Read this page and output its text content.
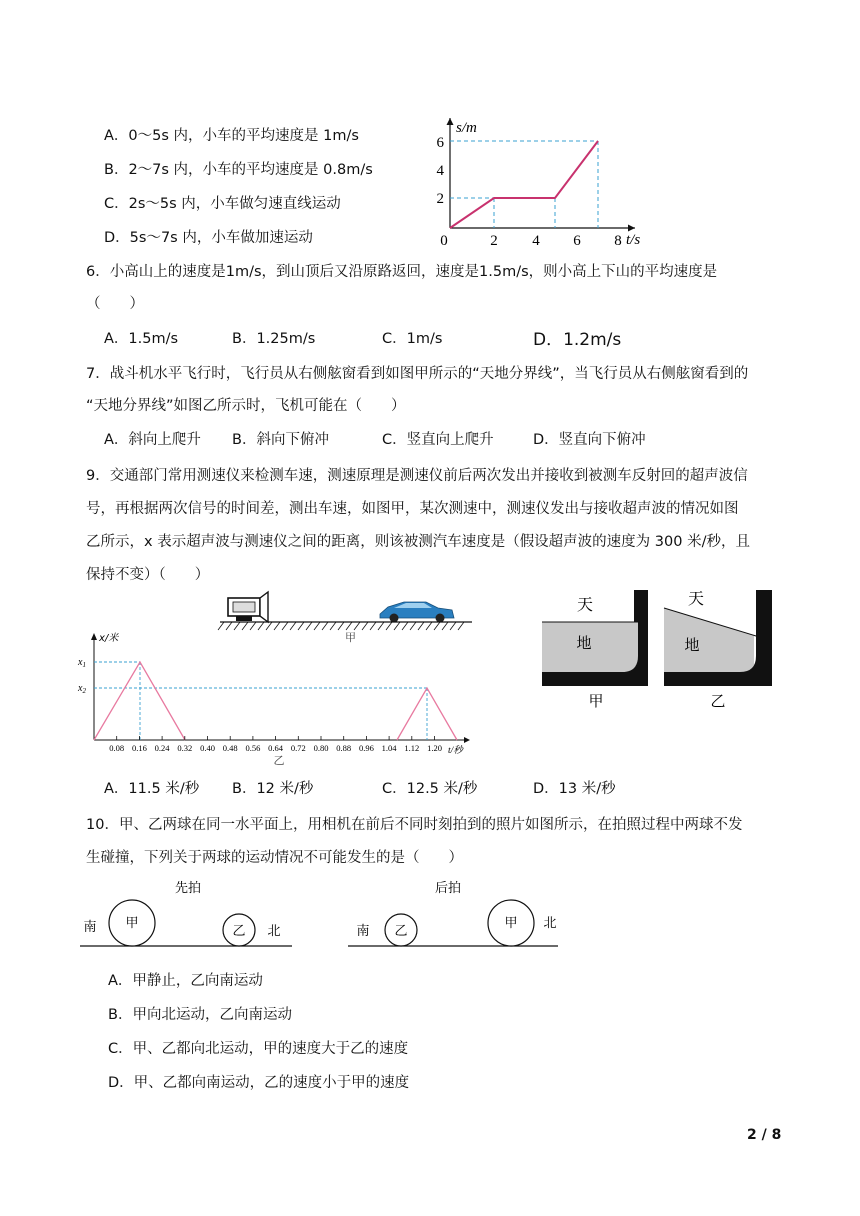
A．0～5s 内，小车的平均速度是 1m/s
B．2～7s 内，小车的平均速度是 0.8m/s
C．2s～5s 内，小车做匀速直线运动
D．5s～7s 内，小车做加速运动
s/m
t/s
0	2 4 6 8
2
4
6
6．小高山上的速度是1m/s，到山顶后又沿原路返回，速度是1.5m/s，则小高上下山的平均速度是
（　　）
A．1.5m/s	B．1.25m/s	C．1m/s	D．1.2m/s
7．战斗机水平飞行时，飞行员从右侧舷窗看到如图甲所示的“天地分界线”，当飞行员从右侧舷窗看到的
“天地分界线”如图乙所示时，飞机可能在（　　）
A．斜向上爬升 B．斜向下俯冲	C．竖直向上爬升	D．竖直向下俯冲
9．交通部门常用测速仪来检测车速，测速原理是测速仪前后两次发出并接收到被测车反射回的超声波信
号，再根据两次信号的时间差，测出车速，如图甲，某次测速中，测速仪发出与接收超声波的情况如图
乙所示，x 表示超声波与测速仪之间的距离，则该被测汽车速度是（假设超声波的速度为 300 米/秒，且
保持不变）（　　）
甲
0.08 0.16 0.24 0.32 0.40 0.48 0.56 0.64 0.72 0.80 0.88 0.96 1.04 1.12 1.20
x/米
t/秒
$x_1$
$x_2$
乙
天
地
甲
天
地
乙
A．11.5 米/秒 B．12 米/秒	C．12.5 米/秒	D．13 米/秒
10．甲、乙两球在同一水平面上，用相机在前后不同时刻拍到的照片如图所示，在拍照过程中两球不发
生碰撞，下列关于两球的运动情况不可能发生的是（　　）
先拍
南 甲
乙 北
后拍
南 乙
甲 北
A．甲静止，乙向南运动
B．甲向北运动，乙向南运动
C．甲、乙都向北运动，甲的速度大于乙的速度
D．甲、乙都向南运动，乙的速度小于甲的速度
2 / 8
